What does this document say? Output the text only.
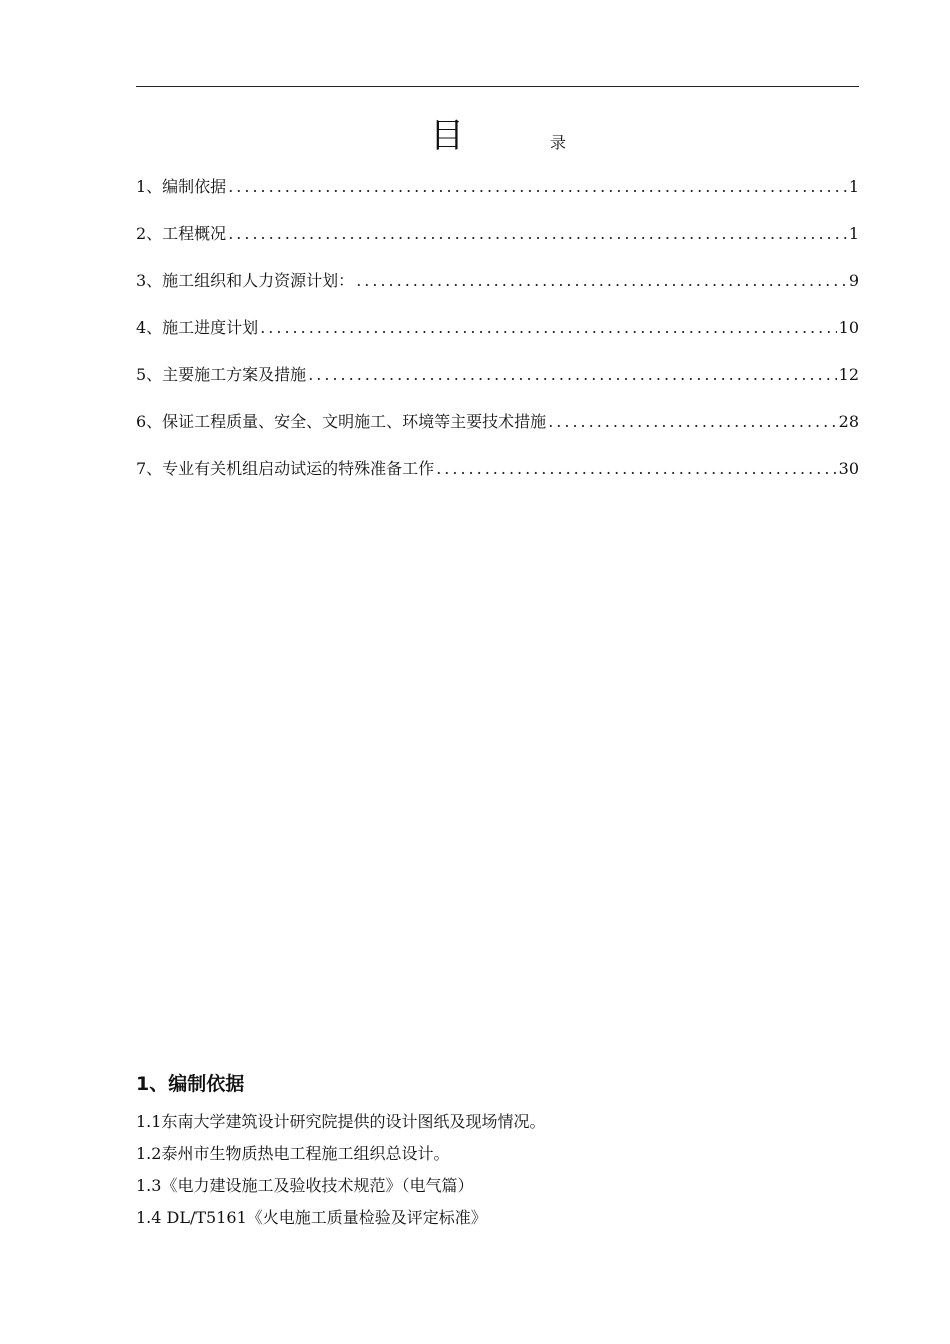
目	录
1、编制依据 .....	1
2、工程概况 .....	1
3、施工组织和人力资源计划： .....	9
4、施工进度计划 .....	10
5、主要施工方案及措施 .....	12
6、保证工程质量、安全、文明施工、环境等主要技术措施 .....	28
7、专业有关机组启动试运的特殊准备工作 .....	30
1、编制依据
1.1东南大学建筑设计研究院提供的设计图纸及现场情况。
1.2泰州市生物质热电工程施工组织总设计。
1.3《电力建设施工及验收技术规范》（电气篇）
1.4 DL/T5161《火电施工质量检验及评定标准》
